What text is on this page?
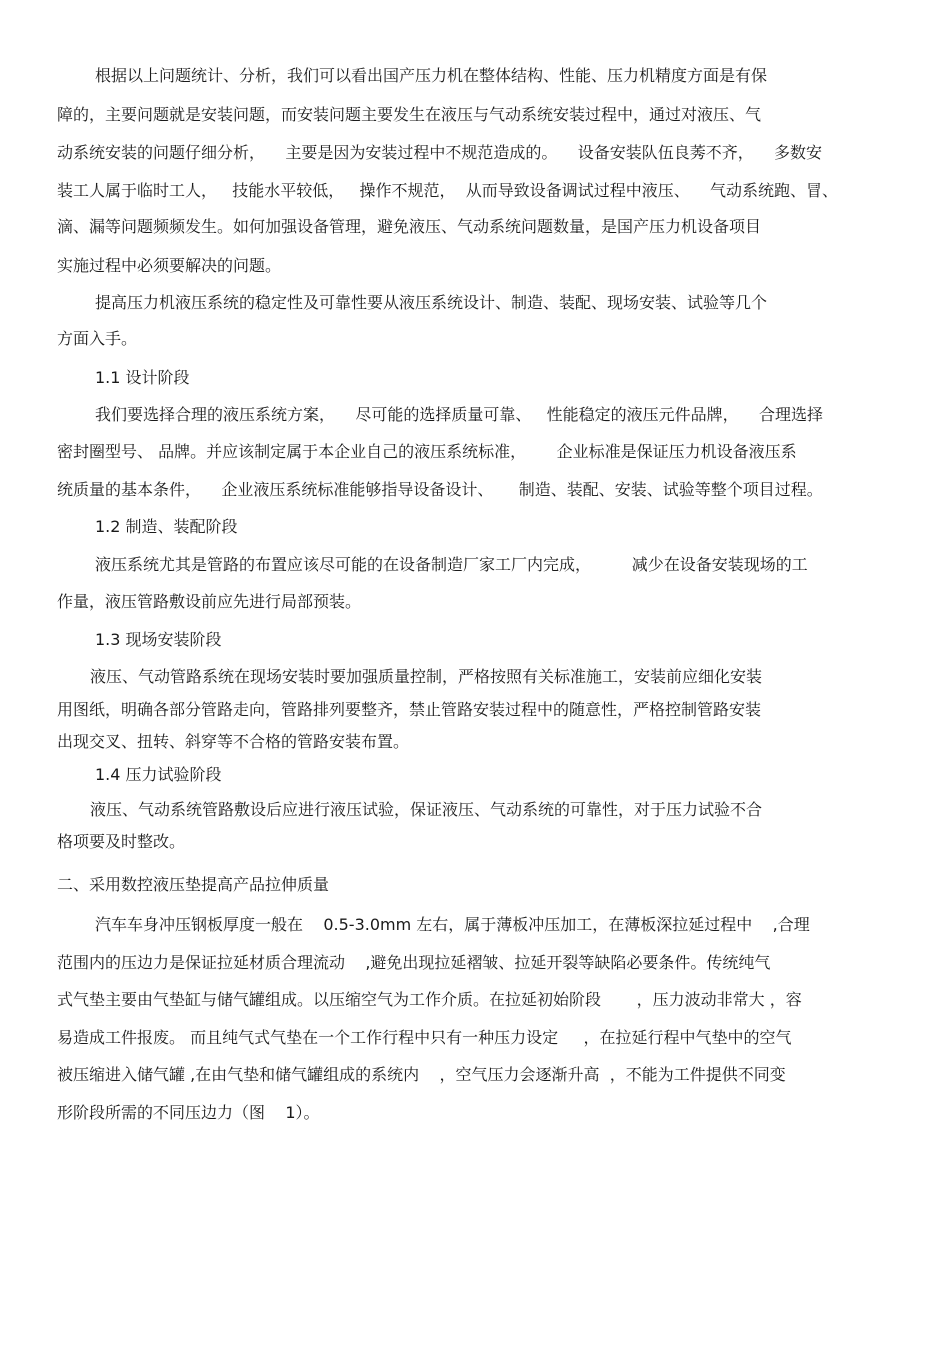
根据以上问题统计、分析，我们可以看出国产压力机在整体结构、性能、压力机精度方面是有保
障的，主要问题就是安装问题，而安装问题主要发生在液压与气动系统安装过程中，通过对液压、气
动系统安装的问题仔细分析，    主要是因为安装过程中不规范造成的。    设备安装队伍良莠不齐，    多数安
装工人属于临时工人，   技能水平较低，   操作不规范，  从而导致设备调试过程中液压、    气动系统跑、冒、
滴、漏等问题频频发生。如何加强设备管理，避免液压、气动系统问题数量，是国产压力机设备项目
实施过程中必须要解决的问题。
提高压力机液压系统的稳定性及可靠性要从液压系统设计、制造、装配、现场安装、试验等几个
方面入手。
1.1 设计阶段
我们要选择合理的液压系统方案，    尽可能的选择质量可靠、   性能稳定的液压元件品牌，    合理选择
密封圈型号、 品牌。并应该制定属于本企业自己的液压系统标准，      企业标准是保证压力机设备液压系
统质量的基本条件，    企业液压系统标准能够指导设备设计、     制造、装配、安装、试验等整个项目过程。
1.2 制造、装配阶段
液压系统尤其是管路的布置应该尽可能的在设备制造厂家工厂内完成，        减少在设备安装现场的工
作量，液压管路敷设前应先进行局部预装。
1.3 现场安装阶段
液压、气动管路系统在现场安装时要加强质量控制，严格按照有关标准施工，安装前应细化安装
用图纸，明确各部分管路走向，管路排列要整齐，禁止管路安装过程中的随意性，严格控制管路安装
出现交叉、扭转、斜穿等不合格的管路安装布置。
1.4 压力试验阶段
液压、气动系统管路敷设后应进行液压试验，保证液压、气动系统的可靠性，对于压力试验不合
格项要及时整改。
二、采用数控液压垫提高产品拉伸质量
汽车车身冲压钢板厚度一般在    0.5-3.0mm 左右，属于薄板冲压加工，在薄板深拉延过程中    ,合理
范围内的压边力是保证拉延材质合理流动    ,避免出现拉延褶皱、拉延开裂等缺陷必要条件。传统纯气
式气垫主要由气垫缸与储气罐组成。以压缩空气为工作介质。在拉延初始阶段       ，压力波动非常大 ，容
易造成工件报废。 而且纯气式气垫在一个工作行程中只有一种压力设定     ，在拉延行程中气垫中的空气
被压缩进入储气罐 ,在由气垫和储气罐组成的系统内    ，空气压力会逐渐升高  ，不能为工件提供不同变
形阶段所需的不同压边力（图    1）。
